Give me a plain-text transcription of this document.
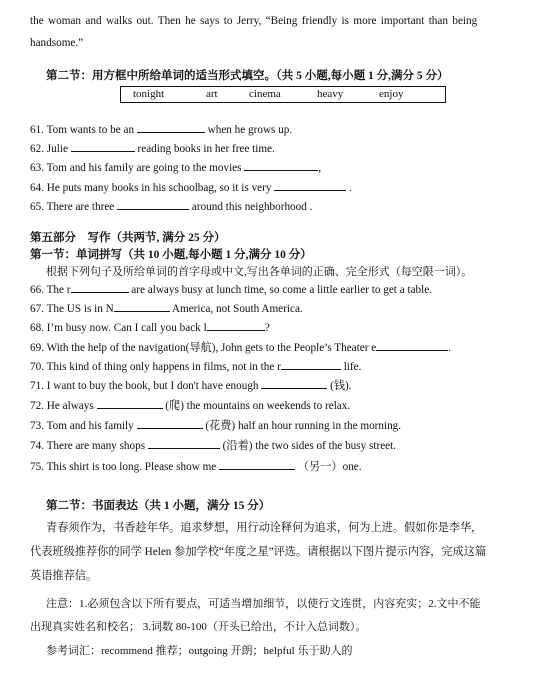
the woman and walks out. Then he says to Jerry, “Being friendly is more important than being
handsome.”
第二节：用方框中所给单词的适当形式填空。（共 5 小题,每小题 1 分,满分 5 分）
tonight	art	cinema	heavy	enjoy
61. Tom wants to be an	when he grows up.
62. Julie	reading books in her free time.
63. Tom and his family are going to the movies	,
64. He puts many books in his schoolbag, so it is very	.
65. There are three	around this neighborhood .
第五部分　写作（共两节, 满分 25 分）
第一节：单词拼写（共 10 小题,每小题 1 分,满分 10 分）
根据下列句子及所给单词的首字母或中文,写出各单词的正确、完全形式（每空限一词）。
66. The r	are always busy at lunch time, so come a little earlier to get a table.
67. The US is in N	America, not South America.
68. I’m busy now. Can I call you back l	?
69. With the help of the navigation(导航), John gets to the People’s Theater e	.
70. This kind of thing only happens in films, not in the r	life.
71. I want to buy the book, but I don't have enough	(钱).
72. He always	(爬) the mountains on weekends to relax.
73. Tom and his family	(花费) half an hour running in the morning.
74. There are many shops	(沿着) the two sides of the busy street.
75. This shirt is too long. Please show me	（另一）one.
第二节：书面表达（共 1 小题，满分 15 分）
青春须作为，书香趁年华。追求梦想，用行动诠释何为追求，何为上进。假如你是李华，
代表班级推荐你的同学 Helen 参加学校“年度之星”评选。请根据以下图片提示内容，完成这篇
英语推荐信。
注意：1.必须包含以下所有要点，可适当增加细节，以使行文连贯，内容充实；2.文中不能
出现真实姓名和校名； 3.词数 80-100（开头已给出，不计入总词数）。
参考词汇：recommend 推荐；outgoing 开朗；helpful 乐于助人的
